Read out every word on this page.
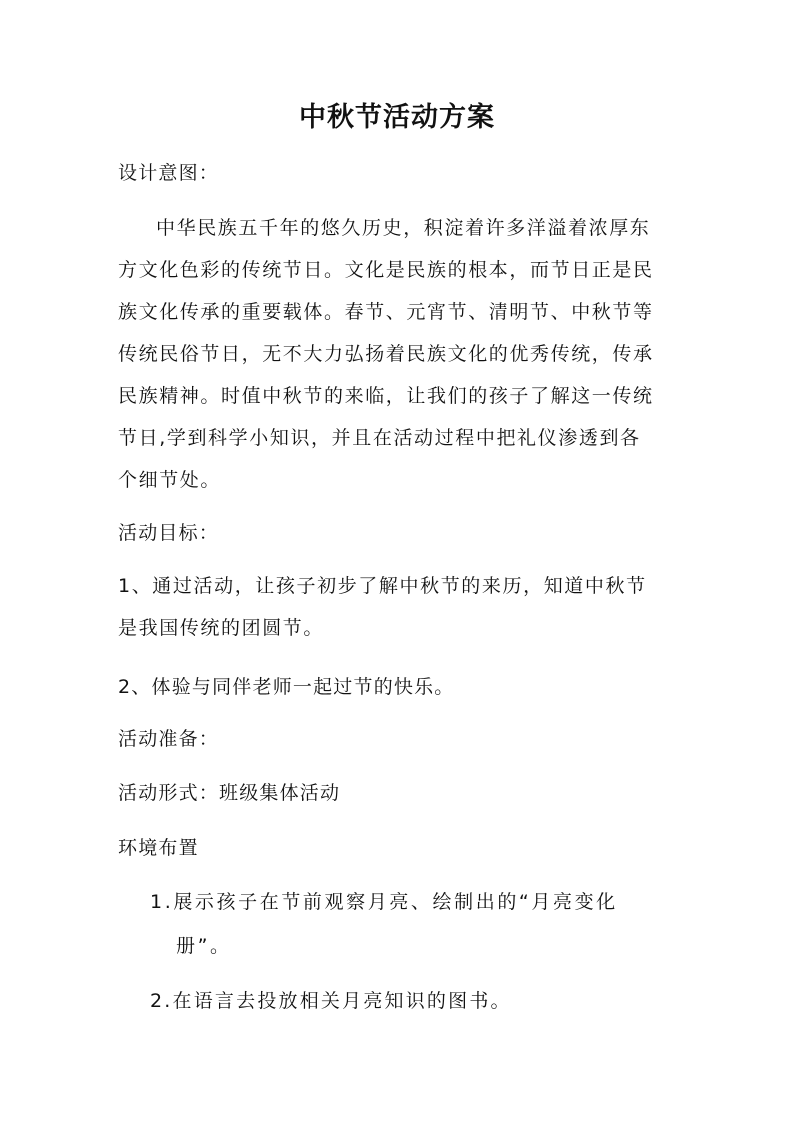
中秋节活动方案

设计意图：

中华民族五千年的悠久历史，积淀着许多洋溢着浓厚东
方文化色彩的传统节日。文化是民族的根本，而节日正是民
族文化传承的重要载体。春节、元宵节、清明节、中秋节等
传统民俗节日，无不大力弘扬着民族文化的优秀传统，传承
民族精神。时值中秋节的来临，让我们的孩子了解这一传统
节日,学到科学小知识，并且在活动过程中把礼仪渗透到各
个细节处。

活动目标：

1、通过活动，让孩子初步了解中秋节的来历，知道中秋节
是我国传统的团圆节。

2、体验与同伴老师一起过节的快乐。

活动准备：

活动形式：班级集体活动

环境布置

1.展示孩子在节前观察月亮、绘制出的“月亮变化
册”。

2.在语言去投放相关月亮知识的图书。
